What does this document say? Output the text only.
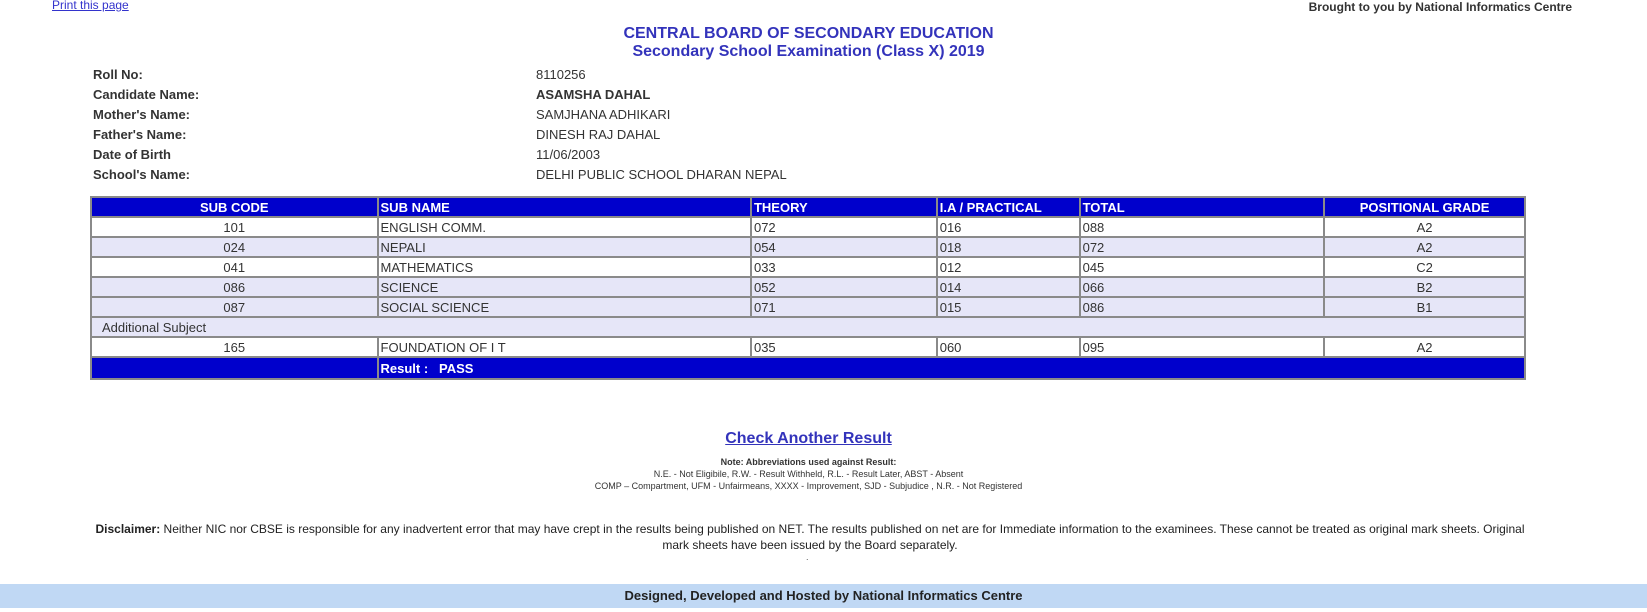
Print this page	Brought to you by National Informatics Centre
CENTRAL BOARD OF SECONDARY EDUCATION
Secondary School Examination (Class X) 2019
Roll No:	8110256
Candidate Name:	ASAMSHA DAHAL
Mother's Name:	SAMJHANA ADHIKARI
Father's Name:	DINESH RAJ DAHAL
Date of Birth	11/06/2003
School's Name:	DELHI PUBLIC SCHOOL DHARAN NEPAL
SUB CODE	SUB NAME	THEORY	I.A / PRACTICAL	TOTAL	POSITIONAL GRADE
101	ENGLISH COMM.	072	016	088	A2
024	NEPALI	054	018	072	A2
041	MATHEMATICS	033	012	045	C2
086	SCIENCE	052	014	066	B2
087	SOCIAL SCIENCE	071	015	086	B1
Additional Subject					
165	FOUNDATION OF I T	035	060	095	A2
	Result : PASS				
Check Another Result
Note: Abbreviations used against Result:
N.E. - Not Eligibile, R.W. - Result Withheld, R.L. - Result Later, ABST - Absent
COMP – Compartment, UFM - Unfairmeans, XXXX - Improvement, SJD - Subjudice , N.R. - Not Registered
Disclaimer: Neither NIC nor CBSE is responsible for any inadvertent error that may have crept in the results being published on NET. The results published on net are for Immediate information to the examinees. These cannot be treated as original mark sheets. Original mark sheets have been issued by the Board separately.
.
Designed, Developed and Hosted by National Informatics Centre
